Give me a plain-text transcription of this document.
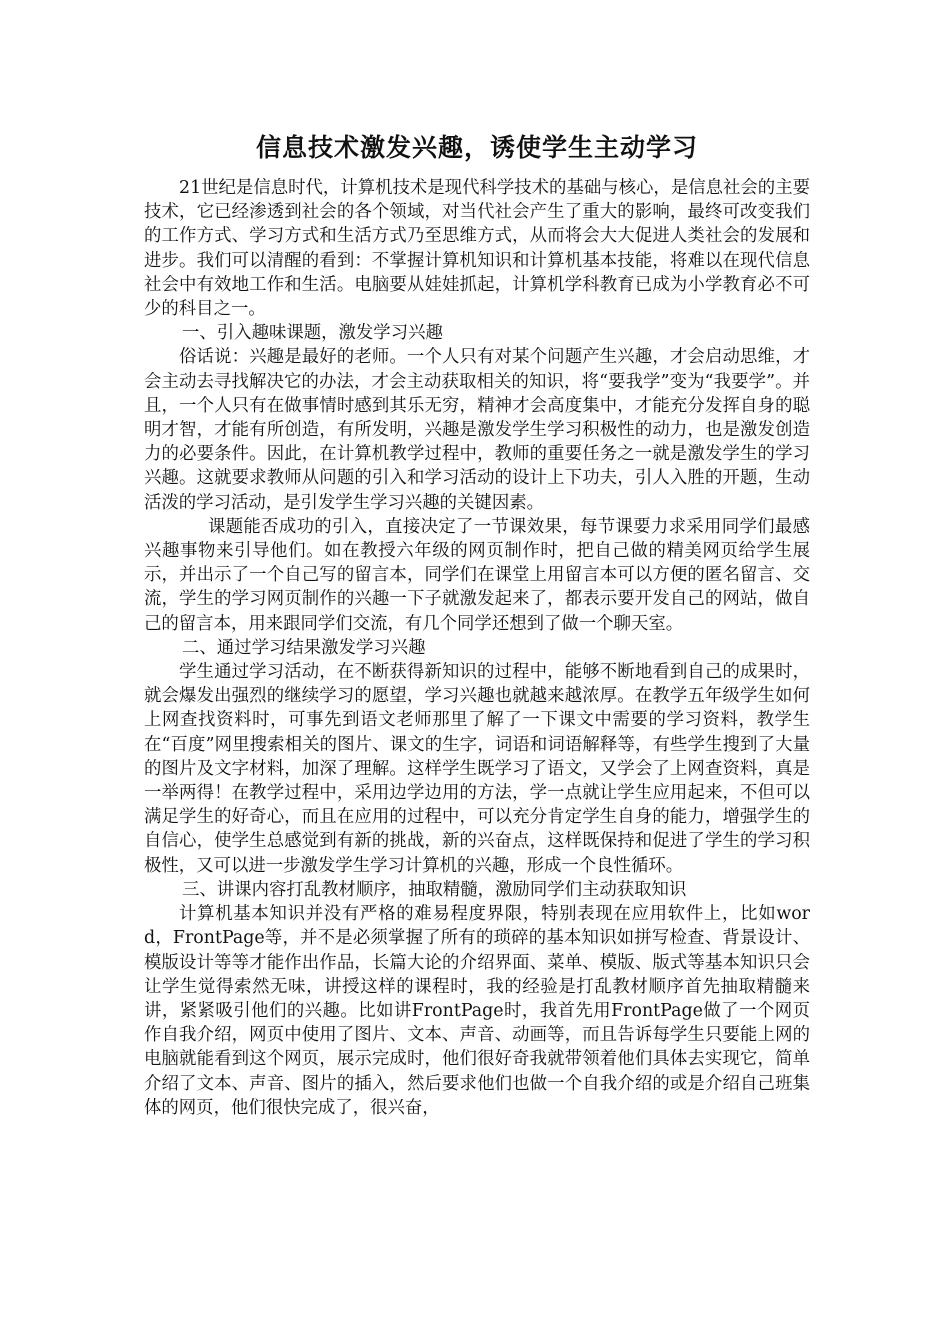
信息技术激发兴趣，诱使学生主动学习

21世纪是信息时代，计算机技术是现代科学技术的基础与核心，是信息社会的主要技术，它已经渗透到社会的各个领域，对当代社会产生了重大的影响，最终可改变我们的工作方式、学习方式和生活方式乃至思维方式，从而将会大大促进人类社会的发展和进步。我们可以清醒的看到：不掌握计算机知识和计算机基本技能，将难以在现代信息社会中有效地工作和生活。电脑要从娃娃抓起，计算机学科教育已成为小学教育必不可少的科目之一。

一、引入趣味课题，激发学习兴趣

俗话说：兴趣是最好的老师。一个人只有对某个问题产生兴趣，才会启动思维，才会主动去寻找解决它的办法，才会主动获取相关的知识，将“要我学”变为“我要学”。并且，一个人只有在做事情时感到其乐无穷，精神才会高度集中，才能充分发挥自身的聪明才智，才能有所创造，有所发明，兴趣是激发学生学习积极性的动力，也是激发创造力的必要条件。因此，在计算机教学过程中，教师的重要任务之一就是激发学生的学习兴趣。这就要求教师从问题的引入和学习活动的设计上下功夫，引人入胜的开题，生动活泼的学习活动，是引发学生学习兴趣的关键因素。

课题能否成功的引入，直接决定了一节课效果，每节课要力求采用同学们最感兴趣事物来引导他们。如在教授六年级的网页制作时，把自己做的精美网页给学生展示，并出示了一个自己写的留言本，同学们在课堂上用留言本可以方便的匿名留言、交流，学生的学习网页制作的兴趣一下子就激发起来了，都表示要开发自己的网站，做自己的留言本，用来跟同学们交流，有几个同学还想到了做一个聊天室。

二、通过学习结果激发学习兴趣

学生通过学习活动，在不断获得新知识的过程中，能够不断地看到自己的成果时，就会爆发出强烈的继续学习的愿望，学习兴趣也就越来越浓厚。在教学五年级学生如何上网查找资料时，可事先到语文老师那里了解了一下课文中需要的学习资料，教学生在“百度”网里搜索相关的图片、课文的生字，词语和词语解释等，有些学生搜到了大量的图片及文字材料，加深了理解。这样学生既学习了语文，又学会了上网查资料，真是一举两得！在教学过程中，采用边学边用的方法，学一点就让学生应用起来，不但可以满足学生的好奇心，而且在应用的过程中，可以充分肯定学生自身的能力，增强学生的自信心，使学生总感觉到有新的挑战，新的兴奋点，这样既保持和促进了学生的学习积极性，又可以进一步激发学生学习计算机的兴趣，形成一个良性循环。

三、讲课内容打乱教材顺序，抽取精髓，激励同学们主动获取知识

计算机基本知识并没有严格的难易程度界限，特别表现在应用软件上，比如word，FrontPage等，并不是必须掌握了所有的琐碎的基本知识如拼写检查、背景设计、模版设计等等才能作出作品，长篇大论的介绍界面、菜单、模版、版式等基本知识只会让学生觉得索然无味，讲授这样的课程时，我的经验是打乱教材顺序首先抽取精髓来讲，紧紧吸引他们的兴趣。比如讲FrontPage时，我首先用FrontPage做了一个网页作自我介绍，网页中使用了图片、文本、声音、动画等，而且告诉每学生只要能上网的电脑就能看到这个网页，展示完成时，他们很好奇我就带领着他们具体去实现它，简单介绍了文本、声音、图片的插入，然后要求他们也做一个自我介绍的或是介绍自己班集体的网页，他们很快完成了，很兴奋，
